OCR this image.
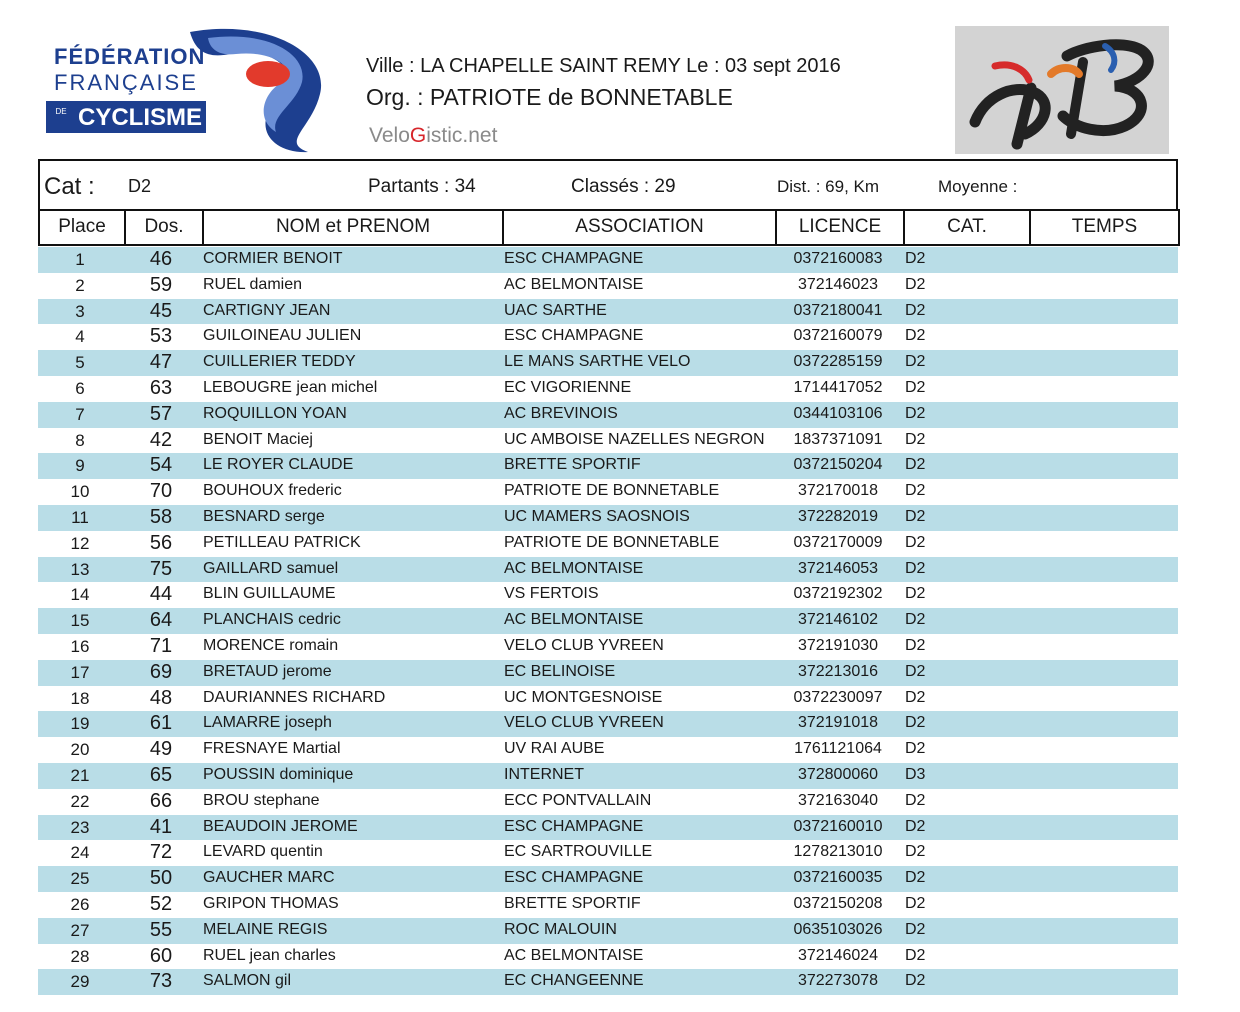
FÉDÉRATION
FRANÇAISE
DE CYCLISME
Ville : LA CHAPELLE SAINT REMY Le : 03 sept 2016
Org. : PATRIOTE de BONNETABLE
VeloGistic.net
Cat : D2	Partants : 34	Classés : 29	Dist. : 69, Km	Moyenne :
Place	Dos.	NOM et PRENOM	ASSOCIATION	LICENCE	CAT.	TEMPS
1	46	CORMIER BENOIT	ESC CHAMPAGNE	0372160083	D2
2	59	RUEL damien	AC BELMONTAISE	372146023	D2
3	45	CARTIGNY JEAN	UAC SARTHE	0372180041	D2
4	53	GUILOINEAU JULIEN	ESC CHAMPAGNE	0372160079	D2
5	47	CUILLERIER TEDDY	LE MANS SARTHE VELO	0372285159	D2
6	63	LEBOUGRE jean michel	EC VIGORIENNE	1714417052	D2
7	57	ROQUILLON YOAN	AC BREVINOIS	0344103106	D2
8	42	BENOIT Maciej	UC AMBOISE NAZELLES NEGRON	1837371091	D2
9	54	LE ROYER CLAUDE	BRETTE SPORTIF	0372150204	D2
10	70	BOUHOUX frederic	PATRIOTE DE BONNETABLE	372170018	D2
11	58	BESNARD serge	UC MAMERS SAOSNOIS	372282019	D2
12	56	PETILLEAU PATRICK	PATRIOTE DE BONNETABLE	0372170009	D2
13	75	GAILLARD samuel	AC BELMONTAISE	372146053	D2
14	44	BLIN GUILLAUME	VS FERTOIS	0372192302	D2
15	64	PLANCHAIS cedric	AC BELMONTAISE	372146102	D2
16	71	MORENCE romain	VELO CLUB YVREEN	372191030	D2
17	69	BRETAUD jerome	EC BELINOISE	372213016	D2
18	48	DAURIANNES RICHARD	UC MONTGESNOISE	0372230097	D2
19	61	LAMARRE joseph	VELO CLUB YVREEN	372191018	D2
20	49	FRESNAYE Martial	UV RAI AUBE	1761121064	D2
21	65	POUSSIN dominique	INTERNET	372800060	D3
22	66	BROU stephane	ECC PONTVALLAIN	372163040	D2
23	41	BEAUDOIN JEROME	ESC CHAMPAGNE	0372160010	D2
24	72	LEVARD quentin	EC SARTROUVILLE	1278213010	D2
25	50	GAUCHER MARC	ESC CHAMPAGNE	0372160035	D2
26	52	GRIPON THOMAS	BRETTE SPORTIF	0372150208	D2
27	55	MELAINE REGIS	ROC MALOUIN	0635103026	D2
28	60	RUEL jean charles	AC BELMONTAISE	372146024	D2
29	73	SALMON gil	EC CHANGEENNE	372273078	D2
